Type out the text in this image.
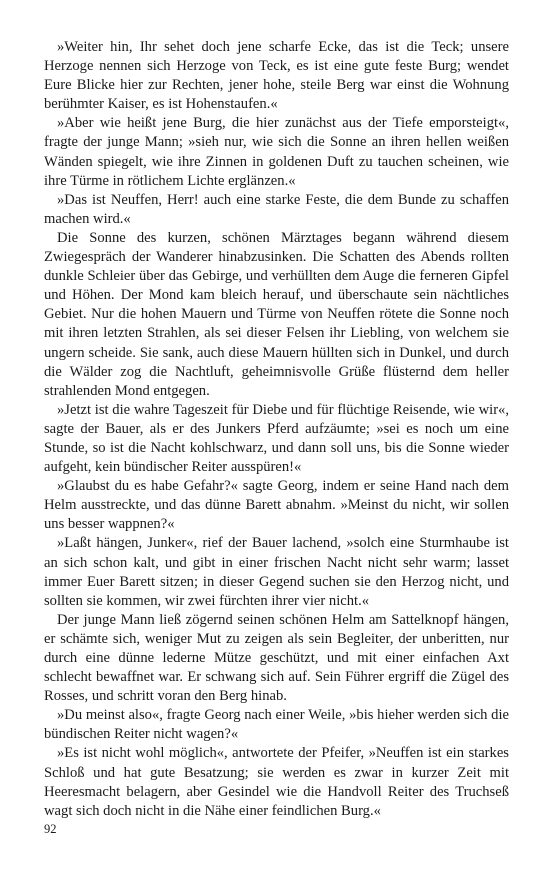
»Weiter hin, Ihr sehet doch jene scharfe Ecke, das ist die Teck; unsere Herzoge nennen sich Herzoge von Teck, es ist eine gute feste Burg; wendet Eure Blicke hier zur Rechten, jener hohe, steile Berg war einst die Wohnung berühmter Kaiser, es ist Hohenstaufen.«

»Aber wie heißt jene Burg, die hier zunächst aus der Tiefe emporsteigt«, fragte der junge Mann; »sieh nur, wie sich die Sonne an ihren hellen weißen Wänden spiegelt, wie ihre Zinnen in goldenen Duft zu tauchen scheinen, wie ihre Türme in rötlichem Lichte erglänzen.«

»Das ist Neuffen, Herr! auch eine starke Feste, die dem Bunde zu schaffen machen wird.«

Die Sonne des kurzen, schönen Märztages begann während diesem Zwiegespräch der Wanderer hinabzusinken. Die Schatten des Abends rollten dunkle Schleier über das Gebirge, und verhüllten dem Auge die ferneren Gipfel und Höhen. Der Mond kam bleich herauf, und überschaute sein nächtliches Gebiet. Nur die hohen Mauern und Türme von Neuffen rötete die Sonne noch mit ihren letzten Strahlen, als sei dieser Felsen ihr Liebling, von welchem sie ungern scheide. Sie sank, auch diese Mauern hüllten sich in Dunkel, und durch die Wälder zog die Nachtluft, geheimnisvolle Grüße flüsternd dem heller strahlenden Mond entgegen.

»Jetzt ist die wahre Tageszeit für Diebe und für flüchtige Reisende, wie wir«, sagte der Bauer, als er des Junkers Pferd aufzäumte; »sei es noch um eine Stunde, so ist die Nacht kohlschwarz, und dann soll uns, bis die Sonne wieder aufgeht, kein bündischer Reiter ausspüren!«

»Glaubst du es habe Gefahr?« sagte Georg, indem er seine Hand nach dem Helm ausstreckte, und das dünne Barett abnahm. »Meinst du nicht, wir sollen uns besser wappnen?«

»Laßt hängen, Junker«, rief der Bauer lachend, »solch eine Sturmhaube ist an sich schon kalt, und gibt in einer frischen Nacht nicht sehr warm; lasset immer Euer Barett sitzen; in dieser Gegend suchen sie den Herzog nicht, und sollten sie kommen, wir zwei fürchten ihrer vier nicht.«

Der junge Mann ließ zögernd seinen schönen Helm am Sattelknopf hängen, er schämte sich, weniger Mut zu zeigen als sein Begleiter, der unberitten, nur durch eine dünne lederne Mütze geschützt, und mit einer einfachen Axt schlecht bewaffnet war. Er schwang sich auf. Sein Führer ergriff die Zügel des Rosses, und schritt voran den Berg hinab.

»Du meinst also«, fragte Georg nach einer Weile, »bis hieher werden sich die bündischen Reiter nicht wagen?«

»Es ist nicht wohl möglich«, antwortete der Pfeifer, »Neuffen ist ein starkes Schloß und hat gute Besatzung; sie werden es zwar in kurzer Zeit mit Heeresmacht belagern, aber Gesindel wie die Handvoll Reiter des Truchseß wagt sich doch nicht in die Nähe einer feindlichen Burg.«

92
